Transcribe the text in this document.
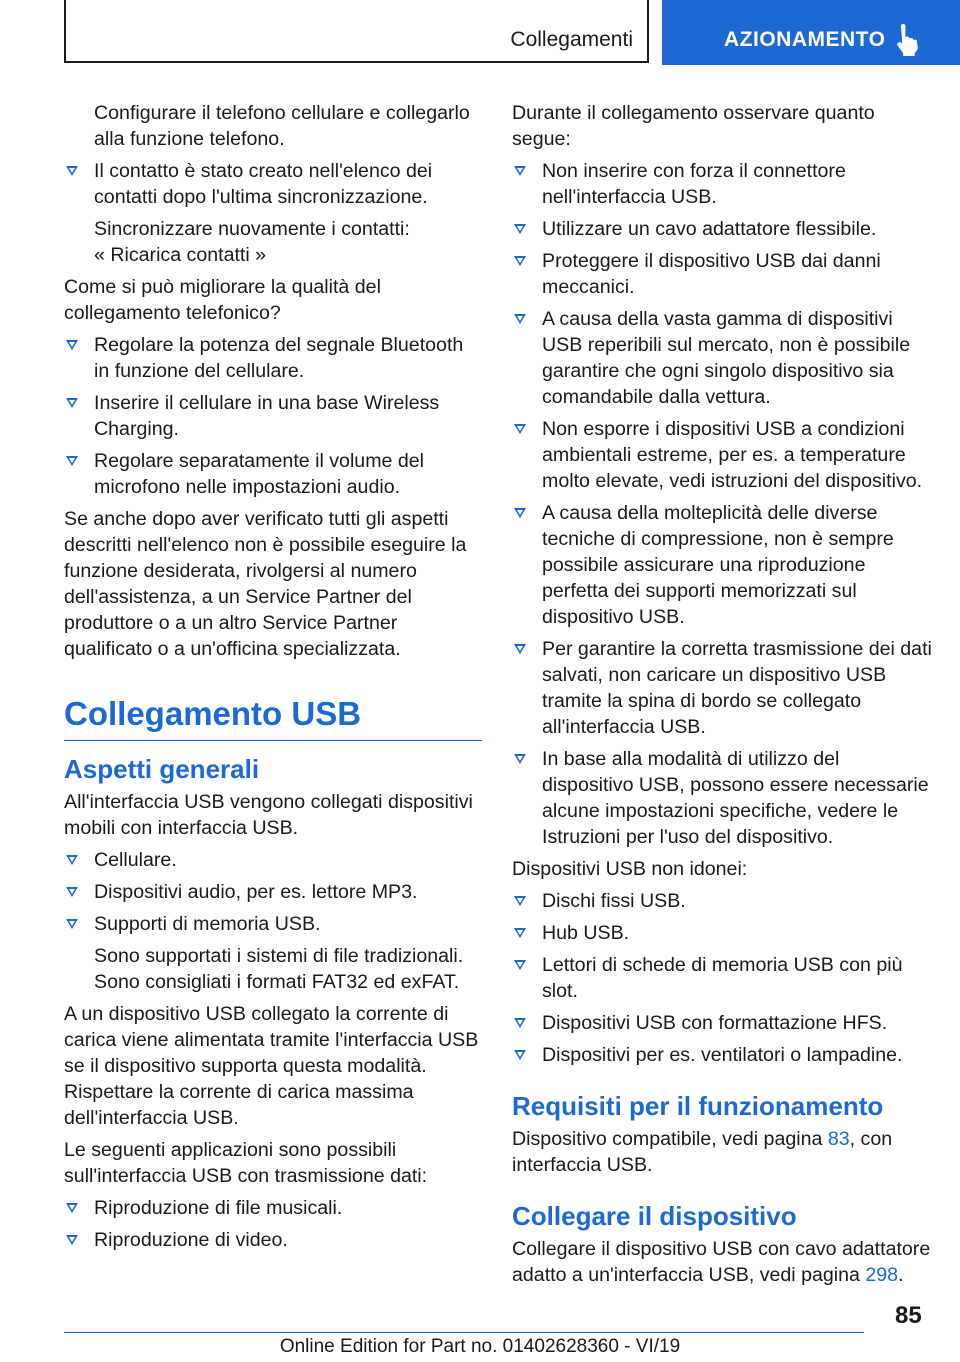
Collegamenti	AZIONAMENTO

Configurare il telefono cellulare e collegarlo alla funzione telefono.

Il contatto è stato creato nell'elenco dei contatti dopo l'ultima sincronizzazione.

Sincronizzare nuovamente i contatti:

« Ricarica contatti »

Come si può migliorare la qualità del collegamento telefonico?

Regolare la potenza del segnale Bluetooth in funzione del cellulare.
Inserire il cellulare in una base Wireless Charging.
Regolare separatamente il volume del microfono nelle impostazioni audio.

Se anche dopo aver verificato tutti gli aspetti descritti nell'elenco non è possibile eseguire la funzione desiderata, rivolgersi al numero dell'assistenza, a un Service Partner del produttore o a un altro Service Partner qualificato o a un'officina specializzata.

Collegamento USB
Aspetti generali

All'interfaccia USB vengono collegati dispositivi mobili con interfaccia USB.

Cellulare.
Dispositivi audio, per es. lettore MP3.
Supporti di memoria USB.

Sono supportati i sistemi di file tradizionali. Sono consigliati i formati FAT32 ed exFAT.

A un dispositivo USB collegato la corrente di carica viene alimentata tramite l'interfaccia USB se il dispositivo supporta questa modalità. Rispettare la corrente di carica massima dell'interfaccia USB.

Le seguenti applicazioni sono possibili sull'interfaccia USB con trasmissione dati:

Riproduzione di file musicali.
Riproduzione di video.

Durante il collegamento osservare quanto segue:

Non inserire con forza il connettore nell'interfaccia USB.
Utilizzare un cavo adattatore flessibile.
Proteggere il dispositivo USB dai danni meccanici.
A causa della vasta gamma di dispositivi USB reperibili sul mercato, non è possibile garantire che ogni singolo dispositivo sia comandabile dalla vettura.
Non esporre i dispositivi USB a condizioni ambientali estreme, per es. a temperature molto elevate, vedi istruzioni del dispositivo.
A causa della molteplicità delle diverse tecniche di compressione, non è sempre possibile assicurare una riproduzione perfetta dei supporti memorizzati sul dispositivo USB.
Per garantire la corretta trasmissione dei dati salvati, non caricare un dispositivo USB tramite la spina di bordo se collegato all'interfaccia USB.
In base alla modalità di utilizzo del dispositivo USB, possono essere necessarie alcune impostazioni specifiche, vedere le Istruzioni per l'uso del dispositivo.

Dispositivi USB non idonei:

Dischi fissi USB.
Hub USB.
Lettori di schede di memoria USB con più slot.
Dispositivi USB con formattazione HFS.
Dispositivi per es. ventilatori o lampadine.
Requisiti per il funzionamento

Dispositivo compatibile, vedi pagina 83, con interfaccia USB.

Collegare il dispositivo

Collegare il dispositivo USB con cavo adattatore adatto a un'interfaccia USB, vedi pagina 298.

85
Online Edition for Part no. 01402628360 - VI/19
